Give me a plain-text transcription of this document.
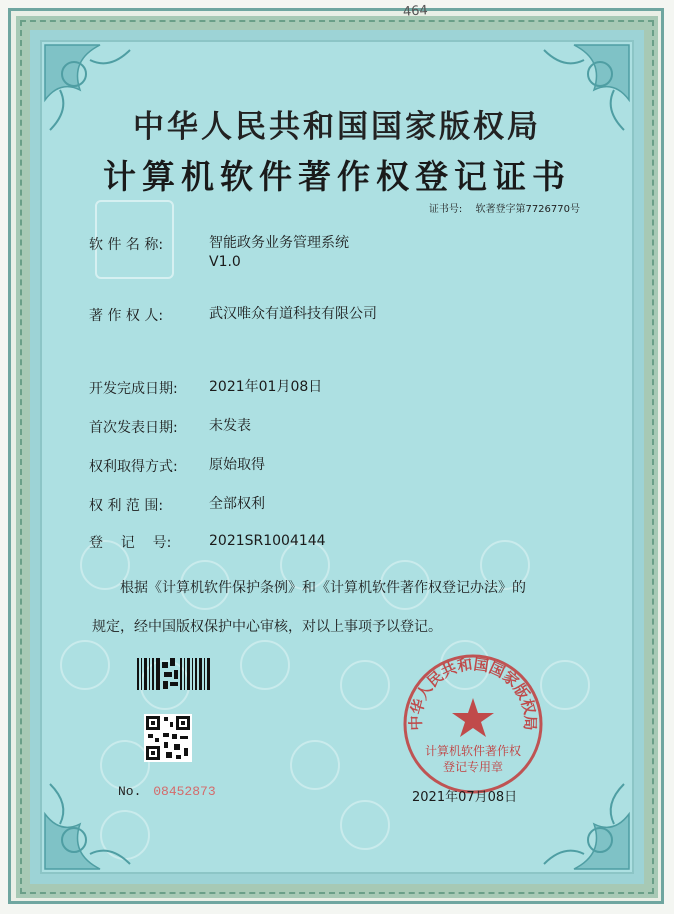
464
中华人民共和国国家版权局
计算机软件著作权登记证书
证书号: 软著登字第7726770号
软 件 名 称:	智能政务业务管理系统
V1.0
著 作 权 人:	武汉唯众有道科技有限公司
开发完成日期:	2021年01月08日
首次发表日期:	未发表
权利取得方式:	原始取得
权 利 范 围:	全部权利
登    记    号:	2021SR1004144
根据《计算机软件保护条例》和《计算机软件著作权登记办法》的
规定，经中国版权保护中心审核，对以上事项予以登记。
No. 08452873
中华人民共和国国家版权局
计算机软件著作权
登记专用章
2021年07月08日
